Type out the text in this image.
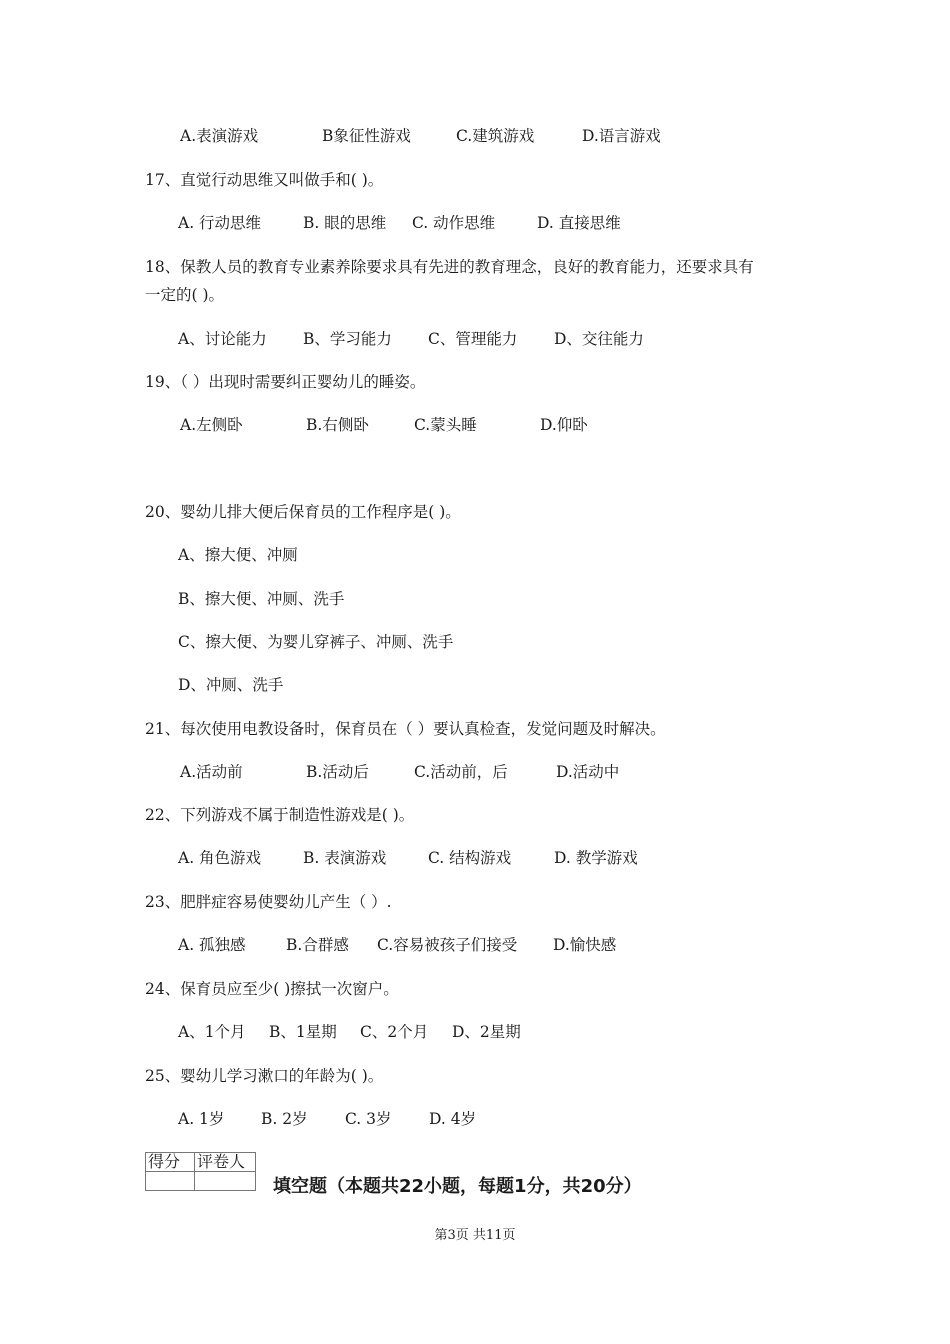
A.表演游戏	B象征性游戏	C.建筑游戏	D.语言游戏
17、直觉行动思维又叫做手和( )。
A. 行动思维	B. 眼的思维 C. 动作思维	D. 直接思维
18、保教人员的教育专业素养除要求具有先进的教育理念，良好的教育能力，还要求具有
一定的( )。
A、讨论能力 B、学习能力 C、管理能力 D、交往能力
19、（ ）出现时需要纠正婴幼儿的睡姿。
A.左侧卧	B.右侧卧	C.蒙头睡	D.仰卧
20、婴幼儿排大便后保育员的工作程序是( )。
A、擦大便、冲厕
B、擦大便、冲厕、洗手
C、擦大便、为婴儿穿裤子、冲厕、洗手
D、冲厕、洗手
21、每次使用电教设备时，保育员在（ ）要认真检查，发觉问题及时解决。
A.活动前	B.活动后	C.活动前，后	D.活动中
22、下列游戏不属于制造性游戏是( )。
A. 角色游戏	B. 表演游戏	C. 结构游戏	D. 教学游戏
23、肥胖症容易使婴幼儿产生（ ）.
A. 孤独感	B.合群感 C.容易被孩子们接受 D.愉快感
24、保育员应至少( )擦拭一次窗户。
A、1个月 B、1星期 C、2个月 D、2星期
25、婴幼儿学习漱口的年龄为( )。
A. 1岁 B. 2岁 C. 3岁 D. 4岁
得分	评卷人

填空题（本题共22小题，每题1分，共20分）
第3页 共11页
